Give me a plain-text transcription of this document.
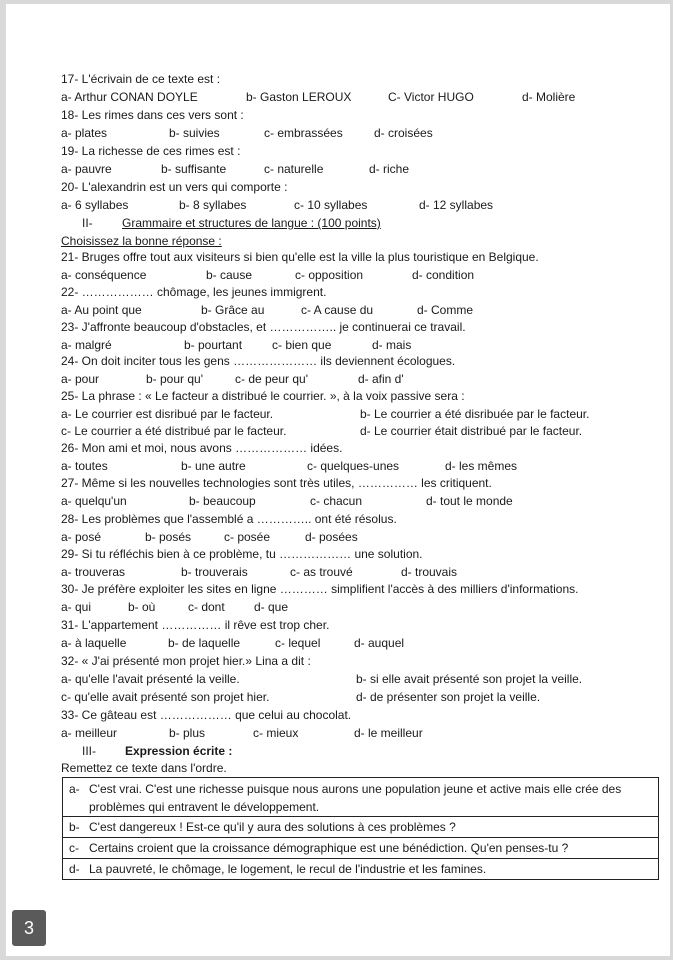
17- L'écrivain de ce texte est :
a- Arthur CONAN DOYLE	b- Gaston LEROUX	C- Victor HUGO	d- Molière
18- Les rimes dans ces vers sont :
a- plates	b- suivies	c- embrassées	d- croisées
19- La richesse de ces rimes est :
a- pauvre	b- suffisante	c- naturelle	d- riche
20- L'alexandrin est un vers qui comporte :
a- 6 syllabes	b- 8 syllabes	c- 10 syllabes	d- 12 syllabes
II- Grammaire et structures de langue : (100 points)
Choisissez la bonne réponse :
21- Bruges offre tout aux visiteurs si bien qu'elle est la ville la plus touristique en Belgique.
a- conséquence	b- cause	c- opposition	d- condition
22- ……………… chômage, les jeunes immigrent.
a- Au point que	b- Grâce au	c- A cause du	d- Comme
23- J'affronte beaucoup d'obstacles, et …………….. je continuerai ce travail.
a- malgré	b- pourtant c- bien que	d- mais
24- On doit inciter tous les gens ………………… ils deviennent écologues.
a- pour	b- pour qu'	c- de peur qu'	d- afin d'
25- La phrase : « Le facteur a distribué le courrier. », à la voix passive sera :
a- Le courrier est disribué par le facteur.	b- Le courrier a été disribuée par le facteur.
c- Le courrier a été distribué par le facteur.	d- Le courrier était distribué par le facteur.
26- Mon ami et moi, nous avons ……………… idées.
a- toutes	b- une autre	c- quelques-unes	d- les mêmes
27- Même si les nouvelles technologies sont très utiles, …………… les critiquent.
a- quelqu'un	b- beaucoup	c- chacun	d- tout le monde
28- Les problèmes que l'assemblé a ………….. ont été résolus.
a- posé	b- posés	c- posée	d- posées
29- Si tu réfléchis bien à ce problème, tu ……………… une solution.
a- trouveras	b- trouverais	c- as trouvé	d- trouvais
30- Je préfère exploiter les sites en ligne ………… simplifient l'accès à des milliers d'informations.
a- qui	b- où	c- dont d- que
31- L'appartement …………… il rêve est trop cher.
a- à laquelle	b- de laquelle	c- lequel	d- auquel
32- « J'ai présenté mon projet hier.» Lina a dit :
a- qu'elle l'avait présenté la veille.	b- si elle avait présenté son projet la veille.
c- qu'elle avait présenté son projet hier.	d- de présenter son projet la veille.
33- Ce gâteau est ……………… que celui au chocolat.
a- meilleur	b- plus	c- mieux	d- le meilleur
III- Expression écrite :
Remettez ce texte dans l'ordre.
a- C'est vrai. C'est une richesse puisque nous aurons une population jeune et active mais elle crée des problèmes qui entravent le développement.
b- C'est dangereux ! Est-ce qu'il y aura des solutions à ces problèmes ?
c- Certains croient que la croissance démographique est une bénédiction. Qu'en penses-tu ?
d- La pauvreté, le chômage, le logement, le recul de l'industrie et les famines.
3
